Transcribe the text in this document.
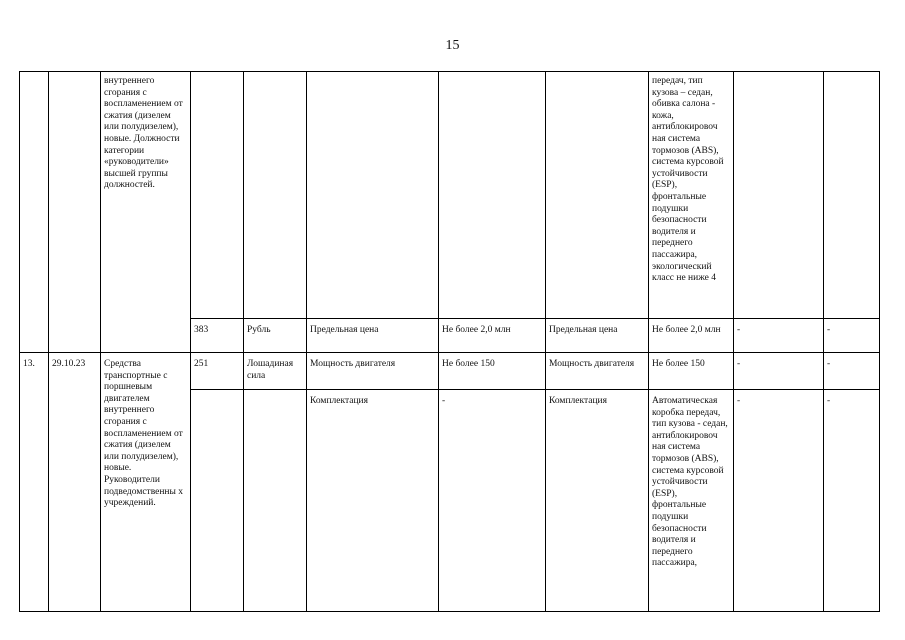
15
		внутреннего сгорания с воспламенением от сжатия (дизелем или полудизелем), новые. Должности категории «руководители» высшей группы должностей.						передач, тип кузова – седан, обивка салона - кожа, антиблокировоч ная система тормозов (ABS), система курсовой устойчивости (ESP), фронтальные подушки безопасности водителя и переднего пассажира, экологический класс не ниже 4		
			383	Рубль	Предельная цена	Не более 2,0 млн	Предельная цена	Не более 2,0 млн	-	-
13.	29.10.23	Средства транспортные с поршневым двигателем внутреннего сгорания с воспламенением от сжатия (дизелем или полудизелем), новые. Руководители подведомственны х учреждений.	251	Лошадиная сила	Мощность двигателя	Не более 150	Мощность двигателя	Не более 150	-	-
					Комплектация	-	Комплектация	Автоматическая коробка передач, тип кузова - седан, антиблокировоч ная система тормозов (ABS), система курсовой устойчивости (ESP), фронтальные подушки безопасности водителя и переднего пассажира,	-	-
